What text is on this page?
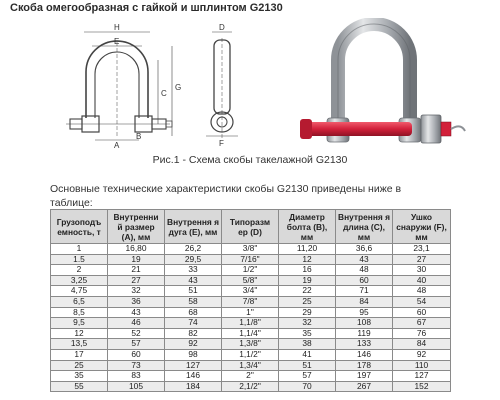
Скоба омегообразная с гайкой и шплинтом G2130
H
E
C
G
B
A
D
F
Рис.1 - Схема скобы такелажной G2130
Основные технические характеристики скобы G2130 приведены ниже в
таблице:
Грузоподъ емность, т	Внутренни й размер (A), мм	Внутрення я дуга (E), мм	Типоразм ер (D)	Диаметр болта (B), мм	Внутрення я длина (C), мм	Ушко снаружи (F), мм
1	16,80	26,2	3/8"	11,20	36,6	23,1
1.5	19	29,5	7/16"	12	43	27
2	21	33	1/2"	16	48	30
3,25	27	43	5/8"	19	60	40
4,75	32	51	3/4"	22	71	48
6,5	36	58	7/8"	25	84	54
8,5	43	68	1"	29	95	60
9,5	46	74	1,1/8"	32	108	67
12	52	82	1,1/4"	35	119	76
13,5	57	92	1,3/8"	38	133	84
17	60	98	1,1/2"	41	146	92
25	73	127	1,3/4"	51	178	110
35	83	146	2"	57	197	127
55	105	184	2,1/2"	70	267	152
